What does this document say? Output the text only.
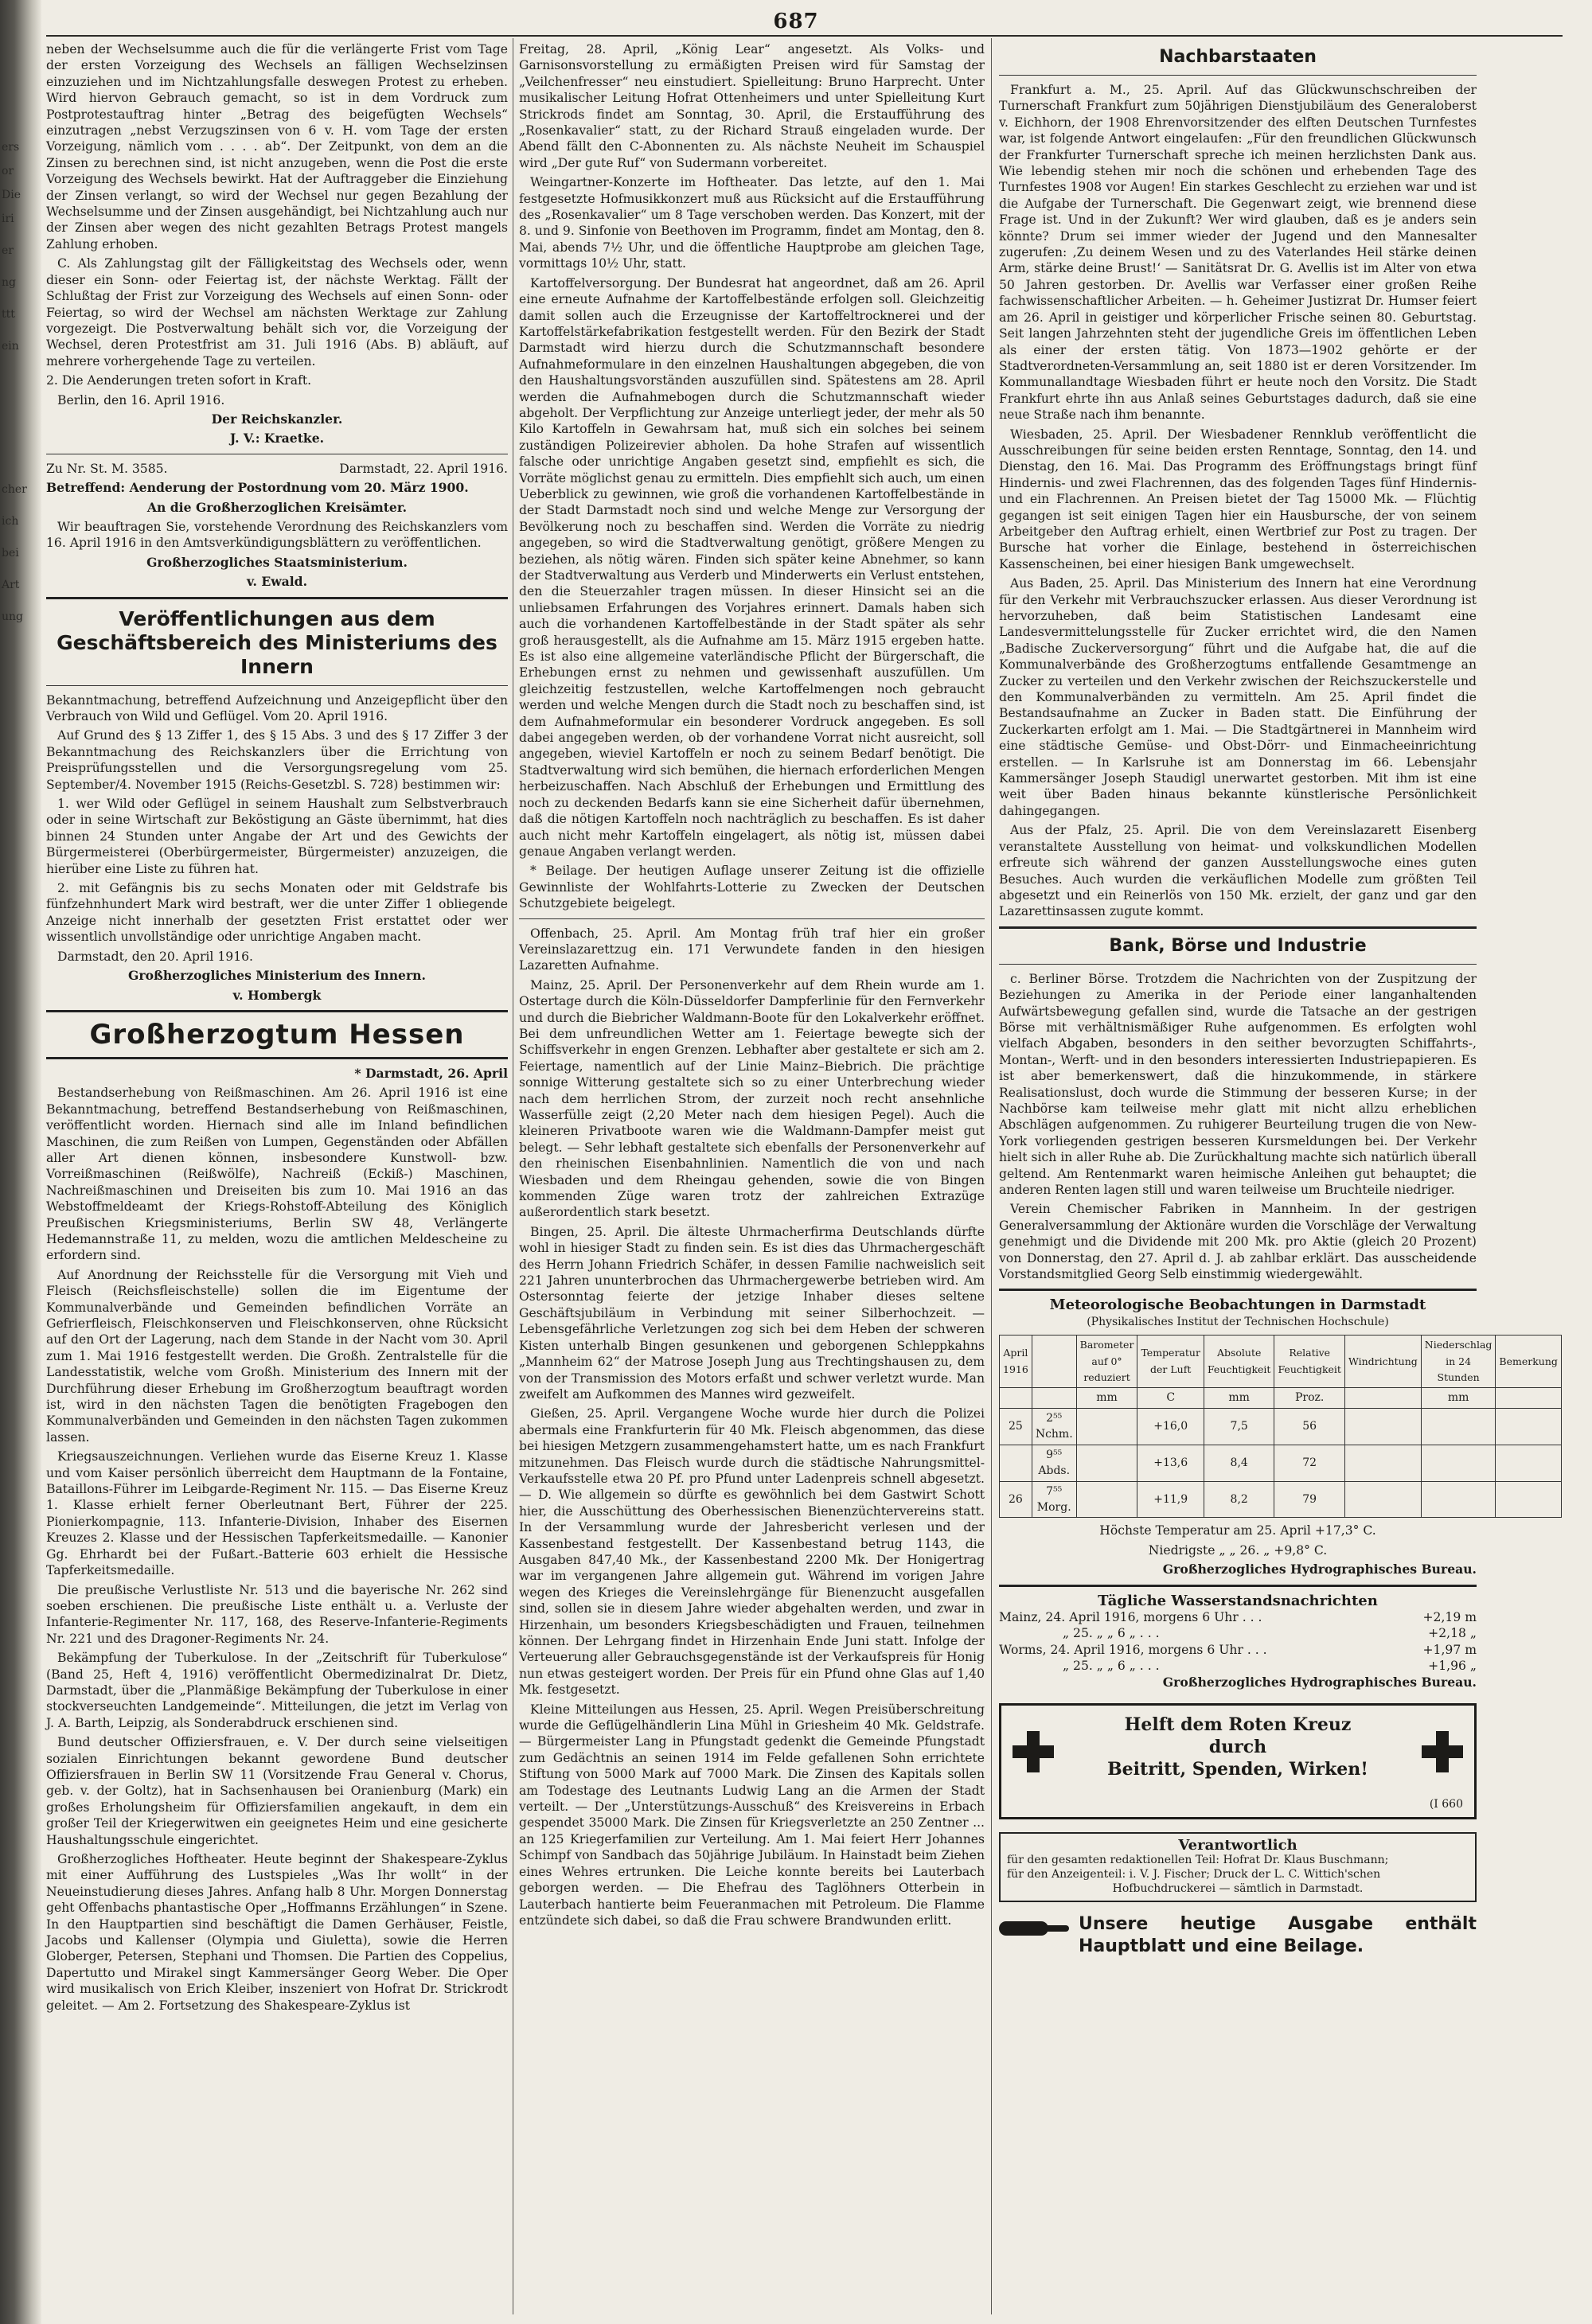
ers
or
Die
iri
er
ng
ttt
ein
cher
ich
bei
Art
ung
687

neben der Wechselsumme auch die für die verlängerte Frist vom Tage der ersten Vorzeigung des Wechsels an fälligen Wechselzinsen einzuziehen und im Nichtzahlungsfalle deswegen Protest zu erheben. Wird hiervon Gebrauch gemacht, so ist in dem Vordruck zum Postprotestauftrag hinter „Betrag des beigefügten Wechsels“ einzutragen „nebst Verzugszinsen von 6 v. H. vom Tage der ersten Vorzeigung, nämlich vom . . . . ab“. Der Zeitpunkt, von dem an die Zinsen zu berechnen sind, ist nicht anzugeben, wenn die Post die erste Vorzeigung des Wechsels bewirkt. Hat der Auftraggeber die Einziehung der Zinsen verlangt, so wird der Wechsel nur gegen Bezahlung der Wechselsumme und der Zinsen ausgehändigt, bei Nichtzahlung auch nur der Zinsen aber wegen des nicht gezahlten Betrags Protest mangels Zahlung erhoben.

C. Als Zahlungstag gilt der Fälligkeitstag des Wechsels oder, wenn dieser ein Sonn- oder Feiertag ist, der nächste Werktag. Fällt der Schlußtag der Frist zur Vorzeigung des Wechsels auf einen Sonn- oder Feiertag, so wird der Wechsel am nächsten Werktage zur Zahlung vorgezeigt. Die Postverwaltung behält sich vor, die Vorzeigung der Wechsel, deren Protestfrist am 31. Juli 1916 (Abs. B) abläuft, auf mehrere vorhergehende Tage zu verteilen.

2. Die Aenderungen treten sofort in Kraft.

Berlin, den 16. April 1916.

Der Reichskanzler.

J. V.: Kraetke.

Zu Nr. St. M. 3585.	Darmstadt, 22. April 1916.

Betreffend: Aenderung der Postordnung vom 20. März 1900.

An die Großherzoglichen Kreisämter.

Wir beauftragen Sie, vorstehende Verordnung des Reichskanzlers vom 16. April 1916 in den Amtsverkündigungsblättern zu veröffentlichen.

Großherzogliches Staatsministerium.

v. Ewald.

Veröffentlichungen aus dem Geschäftsbereich des Ministeriums des Innern

Bekanntmachung, betreffend Aufzeichnung und Anzeigepflicht über den Verbrauch von Wild und Geflügel. Vom 20. April 1916.

Auf Grund des § 13 Ziffer 1, des § 15 Abs. 3 und des § 17 Ziffer 3 der Bekanntmachung des Reichskanzlers über die Errichtung von Preisprüfungsstellen und die Versorgungsregelung vom 25. September/4. November 1915 (Reichs-Gesetzbl. S. 728) bestimmen wir:

1. wer Wild oder Geflügel in seinem Haushalt zum Selbstverbrauch oder in seine Wirtschaft zur Beköstigung an Gäste übernimmt, hat dies binnen 24 Stunden unter Angabe der Art und des Gewichts der Bürgermeisterei (Oberbürgermeister, Bürgermeister) anzuzeigen, die hierüber eine Liste zu führen hat.

2. mit Gefängnis bis zu sechs Monaten oder mit Geldstrafe bis fünfzehnhundert Mark wird bestraft, wer die unter Ziffer 1 obliegende Anzeige nicht innerhalb der gesetzten Frist erstattet oder wer wissentlich unvollständige oder unrichtige Angaben macht.

Darmstadt, den 20. April 1916.

Großherzogliches Ministerium des Innern.

v. Hombergk

Großherzogtum Hessen

* Darmstadt, 26. April

Bestandserhebung von Reißmaschinen. Am 26. April 1916 ist eine Bekanntmachung, betreffend Bestandserhebung von Reißmaschinen, veröffentlicht worden. Hiernach sind alle im Inland befindlichen Maschinen, die zum Reißen von Lumpen, Gegenständen oder Abfällen aller Art dienen können, insbesondere Kunstwoll- bzw. Vorreißmaschinen (Reißwölfe), Nachreiß (Eckiß-) Maschinen, Nachreißmaschinen und Dreiseiten bis zum 10. Mai 1916 an das Webstoffmeldeamt der Kriegs-Rohstoff-Abteilung des Königlich Preußischen Kriegsministeriums, Berlin SW 48, Verlängerte Hedemannstraße 11, zu melden, wozu die amtlichen Meldescheine zu erfordern sind.

Auf Anordnung der Reichsstelle für die Versorgung mit Vieh und Fleisch (Reichsfleischstelle) sollen die im Eigentume der Kommunalverbände und Gemeinden befindlichen Vorräte an Gefrierfleisch, Fleischkonserven und Fleischkonserven, ohne Rücksicht auf den Ort der Lagerung, nach dem Stande in der Nacht vom 30. April zum 1. Mai 1916 festgestellt werden. Die Großh. Zentralstelle für die Landesstatistik, welche vom Großh. Ministerium des Innern mit der Durchführung dieser Erhebung im Großherzogtum beauftragt worden ist, wird in den nächsten Tagen die benötigten Fragebogen den Kommunalverbänden und Gemeinden in den nächsten Tagen zukommen lassen.

Kriegsauszeichnungen. Verliehen wurde das Eiserne Kreuz 1. Klasse und vom Kaiser persönlich überreicht dem Hauptmann de la Fontaine, Bataillons-Führer im Leibgarde-Regiment Nr. 115. — Das Eiserne Kreuz 1. Klasse erhielt ferner Oberleutnant Bert, Führer der 225. Pionierkompagnie, 113. Infanterie-Division, Inhaber des Eisernen Kreuzes 2. Klasse und der Hessischen Tapferkeitsmedaille. — Kanonier Gg. Ehrhardt bei der Fußart.-Batterie 603 erhielt die Hessische Tapferkeitsmedaille.

Die preußische Verlustliste Nr. 513 und die bayerische Nr. 262 sind soeben erschienen. Die preußische Liste enthält u. a. Verluste der Infanterie-Regimenter Nr. 117, 168, des Reserve-Infanterie-Regiments Nr. 221 und des Dragoner-Regiments Nr. 24.

Bekämpfung der Tuberkulose. In der „Zeitschrift für Tuberkulose“ (Band 25, Heft 4, 1916) veröffentlicht Obermedizinalrat Dr. Dietz, Darmstadt, über die „Planmäßige Bekämpfung der Tuberkulose in einer stockverseuchten Landgemeinde“. Mitteilungen, die jetzt im Verlag von J. A. Barth, Leipzig, als Sonderabdruck erschienen sind.

Bund deutscher Offiziersfrauen, e. V. Der durch seine vielseitigen sozialen Einrichtungen bekannt gewordene Bund deutscher Offiziersfrauen in Berlin SW 11 (Vorsitzende Frau General v. Chorus, geb. v. der Goltz), hat in Sachsenhausen bei Oranienburg (Mark) ein großes Erholungsheim für Offiziersfamilien angekauft, in dem ein großer Teil der Kriegerwitwen ein geeignetes Heim und eine gesicherte Haushaltungsschule eingerichtet.

Großherzogliches Hoftheater. Heute beginnt der Shakespeare-Zyklus mit einer Aufführung des Lustspieles „Was Ihr wollt“ in der Neueinstudierung dieses Jahres. Anfang halb 8 Uhr. Morgen Donnerstag geht Offenbachs phantastische Oper „Hoffmanns Erzählungen“ in Szene. In den Hauptpartien sind beschäftigt die Damen Gerhäuser, Feistle, Jacobs und Kallenser (Olympia und Giuletta), sowie die Herren Globerger, Petersen, Stephani und Thomsen. Die Partien des Coppelius, Dapertutto und Mirakel singt Kammersänger Georg Weber. Die Oper wird musikalisch von Erich Kleiber, inszeniert von Hofrat Dr. Strickrodt geleitet. — Am 2. Fortsetzung des Shakespeare-Zyklus ist

Freitag, 28. April, „König Lear“ angesetzt. Als Volks- und Garnisonsvorstellung zu ermäßigten Preisen wird für Samstag der „Veilchenfresser“ neu einstudiert. Spielleitung: Bruno Harprecht. Unter musikalischer Leitung Hofrat Ottenheimers und unter Spielleitung Kurt Strickrods findet am Sonntag, 30. April, die Erstaufführung des „Rosenkavalier“ statt, zu der Richard Strauß eingeladen wurde. Der Abend fällt den C-Abonnenten zu. Als nächste Neuheit im Schauspiel wird „Der gute Ruf“ von Sudermann vorbereitet.

Weingartner-Konzerte im Hoftheater. Das letzte, auf den 1. Mai festgesetzte Hofmusikkonzert muß aus Rücksicht auf die Erstaufführung des „Rosenkavalier“ um 8 Tage verschoben werden. Das Konzert, mit der 8. und 9. Sinfonie von Beethoven im Programm, findet am Montag, den 8. Mai, abends 7½ Uhr, und die öffentliche Hauptprobe am gleichen Tage, vormittags 10½ Uhr, statt.

Kartoffelversorgung. Der Bundesrat hat angeordnet, daß am 26. April eine erneute Aufnahme der Kartoffelbestände erfolgen soll. Gleichzeitig damit sollen auch die Erzeugnisse der Kartoffeltrocknerei und der Kartoffelstärkefabrikation festgestellt werden. Für den Bezirk der Stadt Darmstadt wird hierzu durch die Schutzmannschaft besondere Aufnahmeformulare in den einzelnen Haushaltungen abgegeben, die von den Haushaltungsvorständen auszufüllen sind. Spätestens am 28. April werden die Aufnahmebogen durch die Schutzmannschaft wieder abgeholt. Der Verpflichtung zur Anzeige unterliegt jeder, der mehr als 50 Kilo Kartoffeln in Gewahrsam hat, muß sich ein solches bei seinem zuständigen Polizeirevier abholen. Da hohe Strafen auf wissentlich falsche oder unrichtige Angaben gesetzt sind, empfiehlt es sich, die Vorräte möglichst genau zu ermitteln. Dies empfiehlt sich auch, um einen Ueberblick zu gewinnen, wie groß die vorhandenen Kartoffelbestände in der Stadt Darmstadt noch sind und welche Menge zur Versorgung der Bevölkerung noch zu beschaffen sind. Werden die Vorräte zu niedrig angegeben, so wird die Stadtverwaltung genötigt, größere Mengen zu beziehen, als nötig wären. Finden sich später keine Abnehmer, so kann der Stadtverwaltung aus Verderb und Minderwerts ein Verlust entstehen, den die Steuerzahler tragen müssen. In dieser Hinsicht sei an die unliebsamen Erfahrungen des Vorjahres erinnert. Damals haben sich auch die vorhandenen Kartoffelbestände in der Stadt später als sehr groß herausgestellt, als die Aufnahme am 15. März 1915 ergeben hatte. Es ist also eine allgemeine vaterländische Pflicht der Bürgerschaft, die Erhebungen ernst zu nehmen und gewissenhaft auszufüllen. Um gleichzeitig festzustellen, welche Kartoffelmengen noch gebraucht werden und welche Mengen durch die Stadt noch zu beschaffen sind, ist dem Aufnahmeformular ein besonderer Vordruck angegeben. Es soll dabei angegeben werden, ob der vorhandene Vorrat nicht ausreicht, soll angegeben, wieviel Kartoffeln er noch zu seinem Bedarf benötigt. Die Stadtverwaltung wird sich bemühen, die hiernach erforderlichen Mengen herbeizuschaffen. Nach Abschluß der Erhebungen und Ermittlung des noch zu deckenden Bedarfs kann sie eine Sicherheit dafür übernehmen, daß die nötigen Kartoffeln noch nachträglich zu beschaffen. Es ist daher auch nicht mehr Kartoffeln eingelagert, als nötig ist, müssen dabei genaue Angaben verlangt werden.

* Beilage. Der heutigen Auflage unserer Zeitung ist die offizielle Gewinnliste der Wohlfahrts-Lotterie zu Zwecken der Deutschen Schutzgebiete beigelegt.

Offenbach, 25. April. Am Montag früh traf hier ein großer Vereinslazarettzug ein. 171 Verwundete fanden in den hiesigen Lazaretten Aufnahme.

Mainz, 25. April. Der Personenverkehr auf dem Rhein wurde am 1. Ostertage durch die Köln-Düsseldorfer Dampferlinie für den Fernverkehr und durch die Biebricher Waldmann-Boote für den Lokalverkehr eröffnet. Bei dem unfreundlichen Wetter am 1. Feiertage bewegte sich der Schiffsverkehr in engen Grenzen. Lebhafter aber gestaltete er sich am 2. Feiertage, namentlich auf der Linie Mainz–Biebrich. Die prächtige sonnige Witterung gestaltete sich so zu einer Unterbrechung wieder nach dem herrlichen Strom, der zurzeit noch recht ansehnliche Wasserfülle zeigt (2,20 Meter nach dem hiesigen Pegel). Auch die kleineren Privatboote waren wie die Waldmann-Dampfer meist gut belegt. — Sehr lebhaft gestaltete sich ebenfalls der Personenverkehr auf den rheinischen Eisenbahnlinien. Namentlich die von und nach Wiesbaden und dem Rheingau gehenden, sowie die von Bingen kommenden Züge waren trotz der zahlreichen Extrazüge außerordentlich stark besetzt.

Bingen, 25. April. Die älteste Uhrmacherfirma Deutschlands dürfte wohl in hiesiger Stadt zu finden sein. Es ist dies das Uhrmachergeschäft des Herrn Johann Friedrich Schäfer, in dessen Familie nachweislich seit 221 Jahren ununterbrochen das Uhrmachergewerbe betrieben wird. Am Ostersonntag feierte der jetzige Inhaber dieses seltene Geschäftsjubiläum in Verbindung mit seiner Silberhochzeit. — Lebensgefährliche Verletzungen zog sich bei dem Heben der schweren Kisten unterhalb Bingen gesunkenen und geborgenen Schleppkahns „Mannheim 62“ der Matrose Joseph Jung aus Trechtingshausen zu, dem von der Transmission des Motors erfaßt und schwer verletzt wurde. Man zweifelt am Aufkommen des Mannes wird gezweifelt.

Gießen, 25. April. Vergangene Woche wurde hier durch die Polizei abermals eine Frankfurterin für 40 Mk. Fleisch abgenommen, das diese bei hiesigen Metzgern zusammengehamstert hatte, um es nach Frankfurt mitzunehmen. Das Fleisch wurde durch die städtische Nahrungsmittel-Verkaufsstelle etwa 20 Pf. pro Pfund unter Ladenpreis schnell abgesetzt. — D. Wie allgemein so dürfte es gewöhnlich bei dem Gastwirt Schott hier, die Ausschüttung des Oberhessischen Bienenzüchtervereins statt. In der Versammlung wurde der Jahresbericht verlesen und der Kassenbestand festgestellt. Der Kassenbestand betrug 1143, die Ausgaben 847,40 Mk., der Kassenbestand 2200 Mk. Der Honigertrag war im vergangenen Jahre allgemein gut. Während im vorigen Jahre wegen des Krieges die Vereinslehrgänge für Bienenzucht ausgefallen sind, sollen sie in diesem Jahre wieder abgehalten werden, und zwar in Hirzenhain, um besonders Kriegsbeschädigten und Frauen, teilnehmen können. Der Lehrgang findet in Hirzenhain Ende Juni statt. Infolge der Verteuerung aller Gebrauchsgegenstände ist der Verkaufspreis für Honig nun etwas gesteigert worden. Der Preis für ein Pfund ohne Glas auf 1,40 Mk. festgesetzt.

Kleine Mitteilungen aus Hessen, 25. April. Wegen Preisüberschreitung wurde die Geflügelhändlerin Lina Mühl in Griesheim 40 Mk. Geldstrafe. — Bürgermeister Lang in Pfungstadt gedenkt die Gemeinde Pfungstadt zum Gedächtnis an seinen 1914 im Felde gefallenen Sohn errichtete Stiftung von 5000 Mark auf 7000 Mark. Die Zinsen des Kapitals sollen am Todestage des Leutnants Ludwig Lang an die Armen der Stadt verteilt. — Der „Unterstützungs-Ausschuß“ des Kreisvereins in Erbach gespendet 35000 Mark. Die Zinsen für Kriegsverletzte an 250 Zentner ... an 125 Kriegerfamilien zur Verteilung. Am 1. Mai feiert Herr Johannes Schimpf von Sandbach das 50jährige Jubiläum. In Hainstadt beim Ziehen eines Wehres ertrunken. Die Leiche konnte bereits bei Lauterbach geborgen werden. — Die Ehefrau des Taglöhners Otterbein in Lauterbach hantierte beim Feueranmachen mit Petroleum. Die Flamme entzündete sich dabei, so daß die Frau schwere Brandwunden erlitt.

Nachbarstaaten

Frankfurt a. M., 25. April. Auf das Glückwunschschreiben der Turnerschaft Frankfurt zum 50jährigen Dienstjubiläum des Generaloberst v. Eichhorn, der 1908 Ehrenvorsitzender des elften Deutschen Turnfestes war, ist folgende Antwort eingelaufen: „Für den freundlichen Glückwunsch der Frankfurter Turnerschaft spreche ich meinen herzlichsten Dank aus. Wie lebendig stehen mir noch die schönen und erhebenden Tage des Turnfestes 1908 vor Augen! Ein starkes Geschlecht zu erziehen war und ist die Aufgabe der Turnerschaft. Die Gegenwart zeigt, wie brennend diese Frage ist. Und in der Zukunft? Wer wird glauben, daß es je anders sein könnte? Drum sei immer wieder der Jugend und den Mannesalter zugerufen: ‚Zu deinem Wesen und zu des Vaterlandes Heil stärke deinen Arm, stärke deine Brust!‘ — Sanitätsrat Dr. G. Avellis ist im Alter von etwa 50 Jahren gestorben. Dr. Avellis war Verfasser einer großen Reihe fachwissenschaftlicher Arbeiten. — h. Geheimer Justizrat Dr. Humser feiert am 26. April in geistiger und körperlicher Frische seinen 80. Geburtstag. Seit langen Jahrzehnten steht der jugendliche Greis im öffentlichen Leben als einer der ersten tätig. Von 1873—1902 gehörte er der Stadtverordneten-Versammlung an, seit 1880 ist er deren Vorsitzender. Im Kommunallandtage Wiesbaden führt er heute noch den Vorsitz. Die Stadt Frankfurt ehrte ihn aus Anlaß seines Geburtstages dadurch, daß sie eine neue Straße nach ihm benannte.

Wiesbaden, 25. April. Der Wiesbadener Rennklub veröffentlicht die Ausschreibungen für seine beiden ersten Renntage, Sonntag, den 14. und Dienstag, den 16. Mai. Das Programm des Eröffnungstags bringt fünf Hindernis- und zwei Flachrennen, das des folgenden Tages fünf Hindernis- und ein Flachrennen. An Preisen bietet der Tag 15000 Mk. — Flüchtig gegangen ist seit einigen Tagen hier ein Hausbursche, der von seinem Arbeitgeber den Auftrag erhielt, einen Wertbrief zur Post zu tragen. Der Bursche hat vorher die Einlage, bestehend in österreichischen Kassenscheinen, bei einer hiesigen Bank umgewechselt.

Aus Baden, 25. April. Das Ministerium des Innern hat eine Verordnung für den Verkehr mit Verbrauchszucker erlassen. Aus dieser Verordnung ist hervorzuheben, daß beim Statistischen Landesamt eine Landesvermittelungsstelle für Zucker errichtet wird, die den Namen „Badische Zuckerversorgung“ führt und die Aufgabe hat, die auf die Kommunalverbände des Großherzogtums entfallende Gesamtmenge an Zucker zu verteilen und den Verkehr zwischen der Reichszuckerstelle und den Kommunalverbänden zu vermitteln. Am 25. April findet die Bestandsaufnahme an Zucker in Baden statt. Die Einführung der Zuckerkarten erfolgt am 1. Mai. — Die Stadtgärtnerei in Mannheim wird eine städtische Gemüse- und Obst-Dörr- und Einmacheeinrichtung erstellen. — In Karlsruhe ist am Donnerstag im 66. Lebensjahr Kammersänger Joseph Staudigl unerwartet gestorben. Mit ihm ist eine weit über Baden hinaus bekannte künstlerische Persönlichkeit dahingegangen.

Aus der Pfalz, 25. April. Die von dem Vereinslazarett Eisenberg veranstaltete Ausstellung von heimat- und volkskundlichen Modellen erfreute sich während der ganzen Ausstellungswoche eines guten Besuches. Auch wurden die verkäuflichen Modelle zum größten Teil abgesetzt und ein Reinerlös von 150 Mk. erzielt, der ganz und gar den Lazarettinsassen zugute kommt.

Bank, Börse und Industrie

c. Berliner Börse. Trotzdem die Nachrichten von der Zuspitzung der Beziehungen zu Amerika in der Periode einer langanhaltenden Aufwärtsbewegung gefallen sind, wurde die Tatsache an der gestrigen Börse mit verhältnismäßiger Ruhe aufgenommen. Es erfolgten wohl vielfach Abgaben, besonders in den seither bevorzugten Schiffahrts-, Montan-, Werft- und in den besonders interessierten Industriepapieren. Es ist aber bemerkenswert, daß die hinzukommende, in stärkere Realisationslust, doch wurde die Stimmung der besseren Kurse; in der Nachbörse kam teilweise mehr glatt mit nicht allzu erheblichen Abschlägen aufgenommen. Zu ruhigerer Beurteilung trugen die von New-York vorliegenden gestrigen besseren Kursmeldungen bei. Der Verkehr hielt sich in aller Ruhe ab. Die Zurückhaltung machte sich natürlich überall geltend. Am Rentenmarkt waren heimische Anleihen gut behauptet; die anderen Renten lagen still und waren teilweise um Bruchteile niedriger.

Verein Chemischer Fabriken in Mannheim. In der gestrigen Generalversammlung der Aktionäre wurden die Vorschläge der Verwaltung genehmigt und die Dividende mit 200 Mk. pro Aktie (gleich 20 Prozent) von Donnerstag, den 27. April d. J. ab zahlbar erklärt. Das ausscheidende Vorstandsmitglied Georg Selb einstimmig wiedergewählt.

Meteorologische Beobachtungen in Darmstadt
(Physikalisches Institut der Technischen Hochschule)
April 1916		Barometer auf 0° reduziert	Temperatur der Luft	Absolute Feuchtigkeit	Relative Feuchtigkeit	Windrichtung	Niederschlag in 24 Stunden	Bemerkung
		mm	C	mm	Proz.		mm	
25	2⁵⁵ Nchm.		+16,0	7,5	56			
	9⁵⁵ Abds.		+13,6	8,4	72			
26	7⁵⁵ Morg.		+11,9	8,2	79			

Höchste Temperatur am 25. April +17,3° C.

Niedrigste „ „ 26. „ +9,8° C.

Großherzogliches Hydrographisches Bureau.

Tägliche Wasserstandsnachrichten
Mainz, 24. April 1916, morgens 6 Uhr . . .	+2,19 m
„ 25. „ „ 6 „ . . .	+2,18 „
Worms, 24. April 1916, morgens 6 Uhr . . .	+1,97 m
„ 25. „ „ 6 „ . . .	+1,96 „

Großherzogliches Hydrographisches Bureau.

Helft dem Roten Kreuz
durch
Beitritt, Spenden, Wirken!
(I 660
Verantwortlich
für den gesamten redaktionellen Teil: Hofrat Dr. Klaus Buschmann;
für den Anzeigenteil: i. V. J. Fischer; Druck der L. C. Wittich'schen
Hofbuchdruckerei — sämtlich in Darmstadt.
Unsere heutige Ausgabe enthält Hauptblatt und eine Beilage.
